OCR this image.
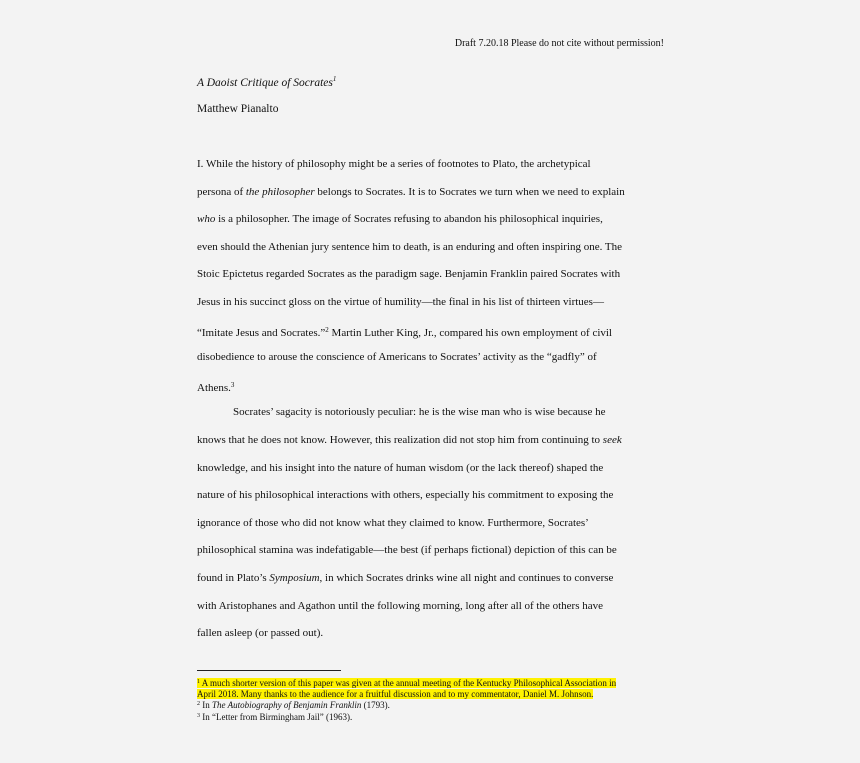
Draft 7.20.18 Please do not cite without permission!
A Daoist Critique of Socrates$^1$
Matthew Pianalto
I. While the history of philosophy might be a series of footnotes to Plato, the archetypical
persona of the philosopher belongs to Socrates. It is to Socrates we turn when we need to explain
who is a philosopher. The image of Socrates refusing to abandon his philosophical inquiries,
even should the Athenian jury sentence him to death, is an enduring and often inspiring one. The
Stoic Epictetus regarded Socrates as the paradigm sage. Benjamin Franklin paired Socrates with
Jesus in his succinct gloss on the virtue of humility—the final in his list of thirteen virtues—
“Imitate Jesus and Socrates.”$^2$ Martin Luther King, Jr., compared his own employment of civil
disobedience to arouse the conscience of Americans to Socrates’ activity as the “gadfly” of
Athens.$^3$
Socrates’ sagacity is notoriously peculiar: he is the wise man who is wise because he
knows that he does not know. However, this realization did not stop him from continuing to seek
knowledge, and his insight into the nature of human wisdom (or the lack thereof) shaped the
nature of his philosophical interactions with others, especially his commitment to exposing the
ignorance of those who did not know what they claimed to know. Furthermore, Socrates’
philosophical stamina was indefatigable—the best (if perhaps fictional) depiction of this can be
found in Plato’s Symposium, in which Socrates drinks wine all night and continues to converse
with Aristophanes and Agathon until the following morning, long after all of the others have
fallen asleep (or passed out).
$^1$ A much shorter version of this paper was given at the annual meeting of the Kentucky Philosophical Association in
April 2018. Many thanks to the audience for a fruitful discussion and to my commentator, Daniel M. Johnson.
$^2$ In The Autobiography of Benjamin Franklin (1793).
$^3$ In “Letter from Birmingham Jail” (1963).
